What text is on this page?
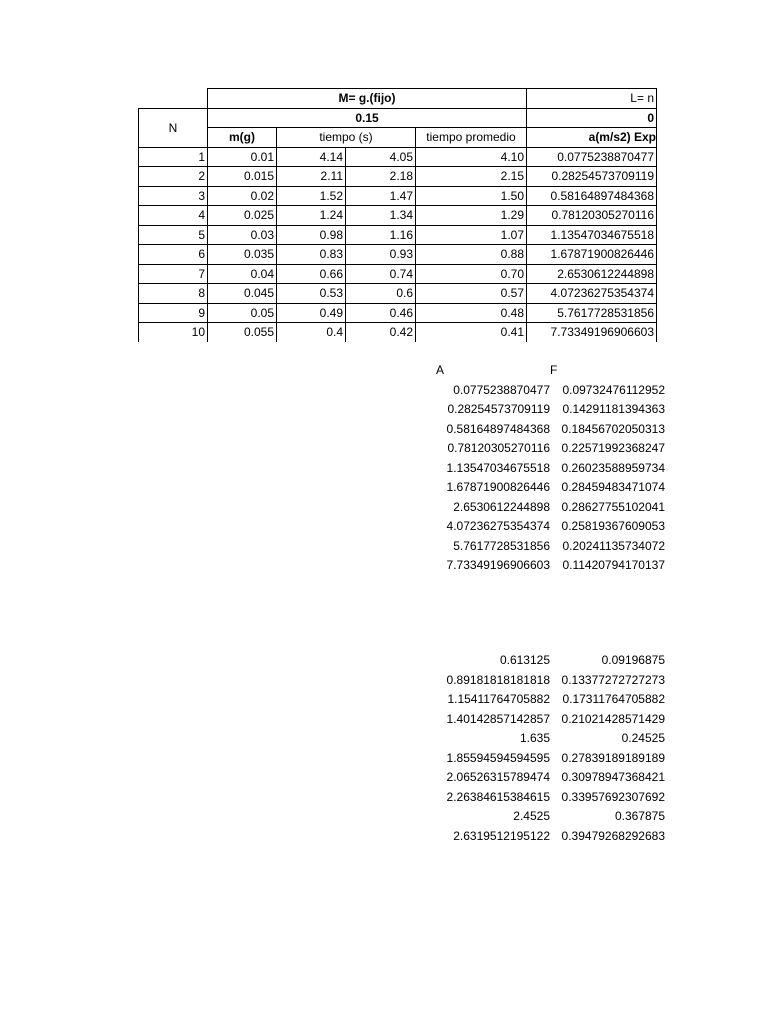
	M= g.(fijo)				L= n
N	0.15				0
	m(g)	tiempo (s)		tiempo promedio	a(m/s2) Exp
1	0.01	4.14	4.05	4.10	0.0775238870477
2	0.015	2.11	2.18	2.15	0.28254573709119
3	0.02	1.52	1.47	1.50	0.58164897484368
4	0.025	1.24	1.34	1.29	0.78120305270116
5	0.03	0.98	1.16	1.07	1.13547034675518
6	0.035	0.83	0.93	0.88	1.67871900826446
7	0.04	0.66	0.74	0.70	2.6530612244898
8	0.045	0.53	0.6	0.57	4.07236275354374
9	0.05	0.49	0.46	0.48	5.7617728531856
10	0.055	0.4	0.42	0.41	7.73349196906603
A	F
0.0775238870477	0.09732476112952
0.28254573709119	0.14291181394363
0.58164897484368 0.18456702050313
0.78120305270116 0.22571992368247
1.13547034675518 0.26023588959734
1.67871900826446 0.28459483471074
2.6530612244898 0.28627755102041
4.07236275354374 0.25819367609053
5.7617728531856	0.20241135734072
7.73349196906603	0.11420794170137
0.613125	0.09196875
0.89181818181818 0.13377272727273
1.15411764705882	0.17311764705882
1.40142857142857 0.21021428571429
1.635	0.24525
1.85594594594595 0.27839189189189
2.06526315789474 0.30978947368421
2.26384615384615 0.33957692307692
2.4525	0.367875
2.6319512195122 0.39479268292683
